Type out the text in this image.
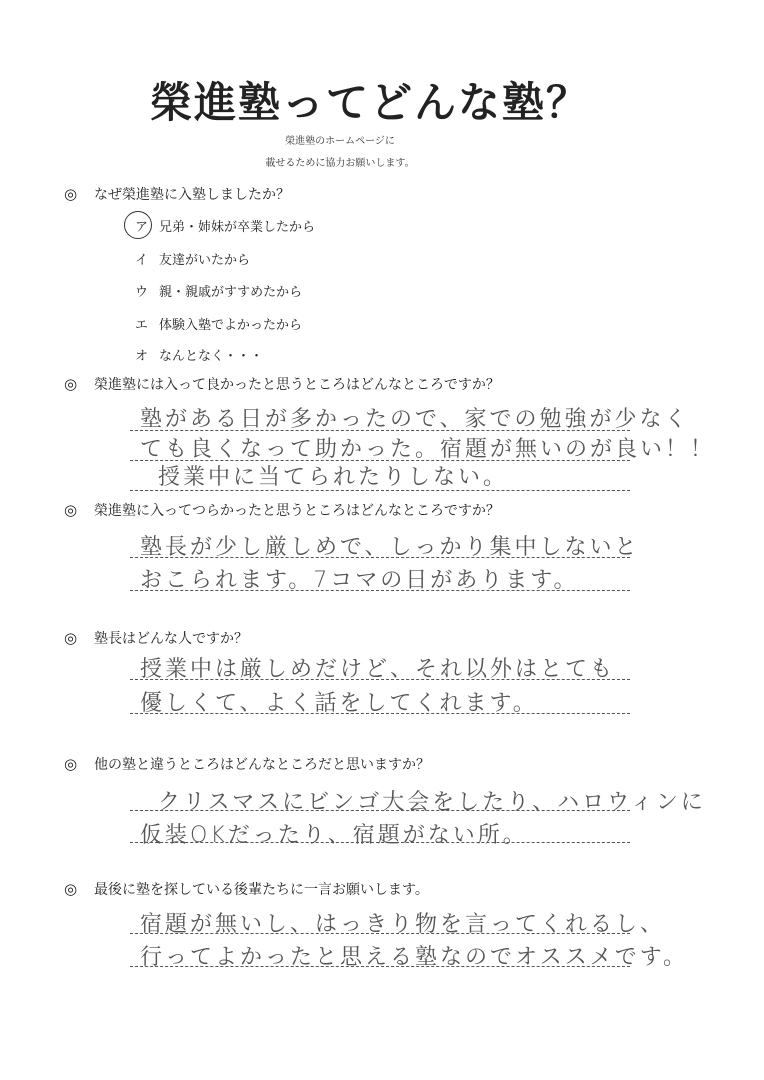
榮進塾ってどんな塾？
榮進塾のホームページに
載せるために協力お願いします。
◎ なぜ榮進塾に入塾しましたか？
ア 兄弟・姉妹が卒業したから
イ 友達がいたから
ウ 親・親戚がすすめたから
エ 体験入塾でよかったから
オ なんとなく・・・
◎ 榮進塾には入って良かったと思うところはどんなところですか？
塾がある日が多かったので、家での勉強が少なく
ても良くなって助かった。宿題が無いのが良い！！
授業中に当てられたりしない。
◎ 榮進塾に入ってつらかったと思うところはどんなところですか？
塾長が少し厳しめで、しっかり集中しないと
おこられます。7コマの日があります。
◎ 塾長はどんな人ですか？
授業中は厳しめだけど、それ以外はとても
優しくて、よく話をしてくれます。
◎ 他の塾と違うところはどんなところだと思いますか？
クリスマスにビンゴ大会をしたり、ハロウィンに
仮装OKだったり、宿題がない所。
◎ 最後に塾を探している後輩たちに一言お願いします。
宿題が無いし、はっきり物を言ってくれるし、
行ってよかったと思える塾なのでオススメです。
